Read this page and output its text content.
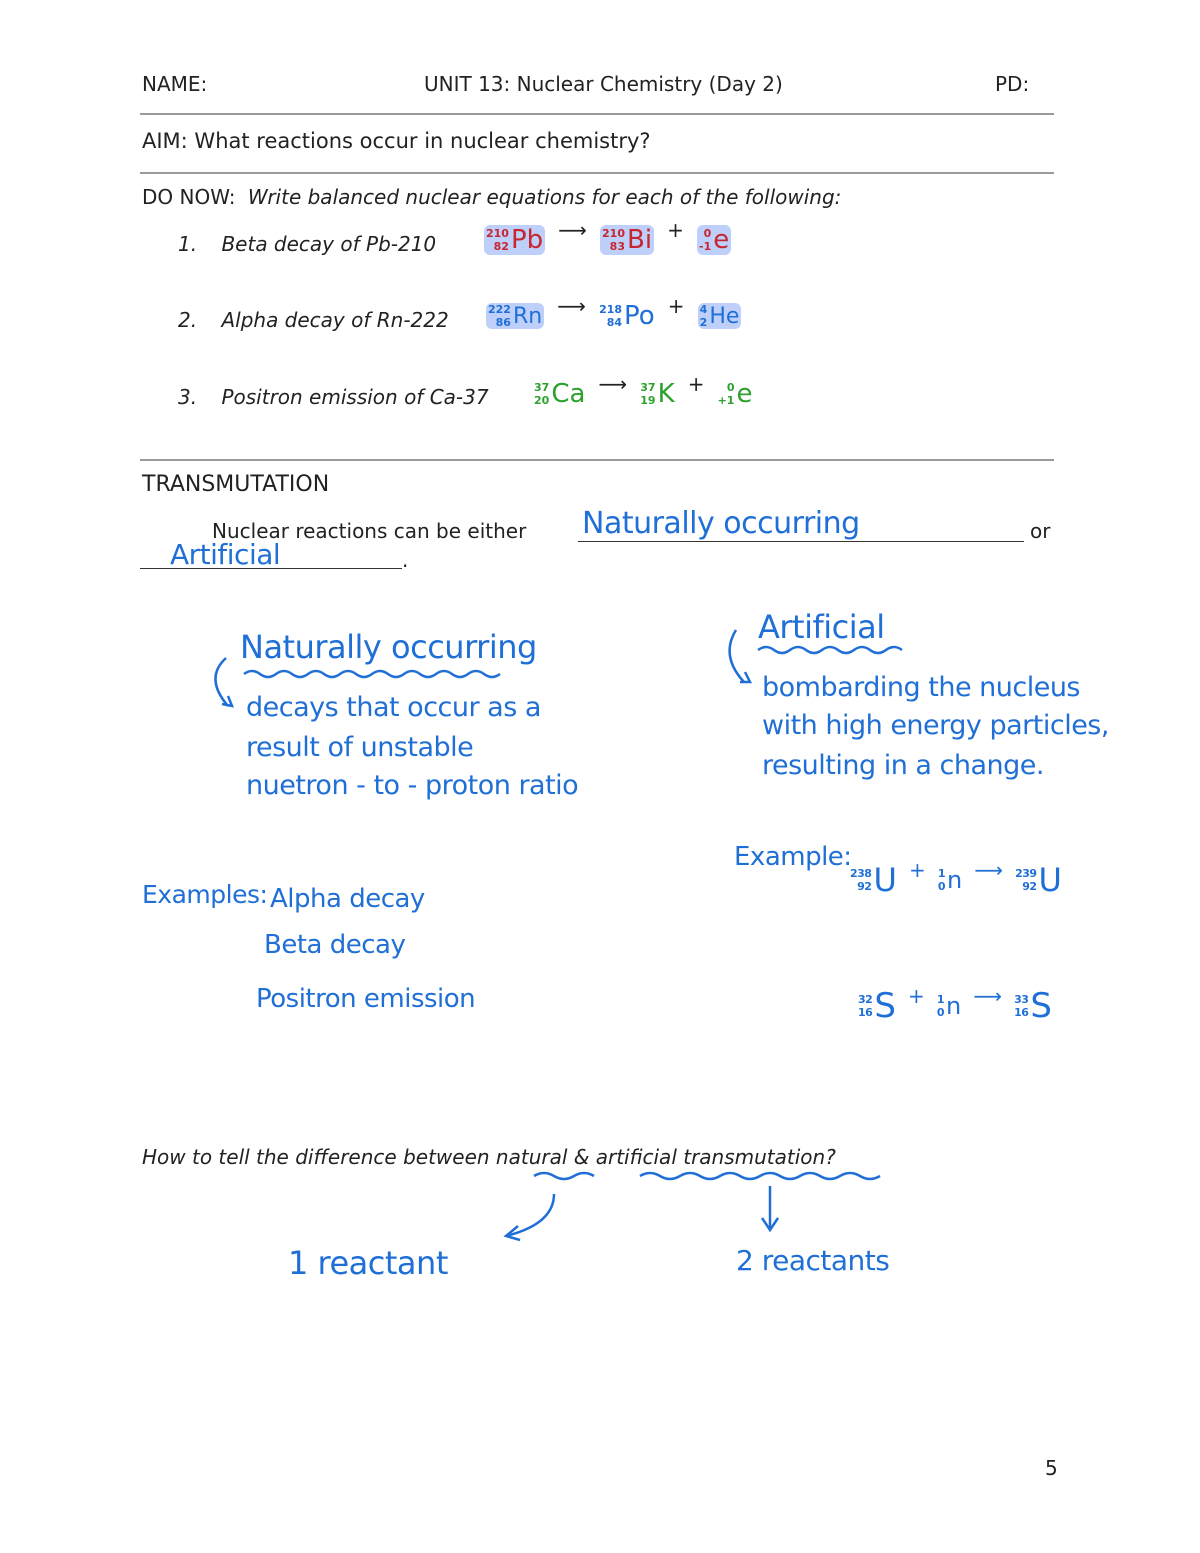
NAME:	UNIT 13: Nuclear Chemistry (Day 2)	PD:
AIM: What reactions occur in nuclear chemistry?
DO NOW: Write balanced nuclear equations for each of the following:
1. Beta decay of Pb-210
2. Alpha decay of Rn-222
3. Positron emission of Ca-37
210
82 Pb ⟶ 210
83 Bi +	0
-1 e
222
86 Rn ⟶ 218
84 Po + 4
2 He
37
20 Ca ⟶ 37
19 K +	0
+1 e
TRANSMUTATION
Nuclear reactions can be either Naturally occurring	or
Artificial	.
Naturally occurring
decays that occur as a
result of unstable
nuetron - to - proton ratio
Examples: Alpha decay
Beta decay
Positron emission
Artificial
bombarding the nucleus
with high energy particles,
resulting in a change.
Example:
238
92 U + 1
0 n ⟶ 239
92 U
32
16 S + 1
0 n ⟶ 33
16 S
How to tell the difference between natural & artificial transmutation?
1 reactant	2 reactants
5
